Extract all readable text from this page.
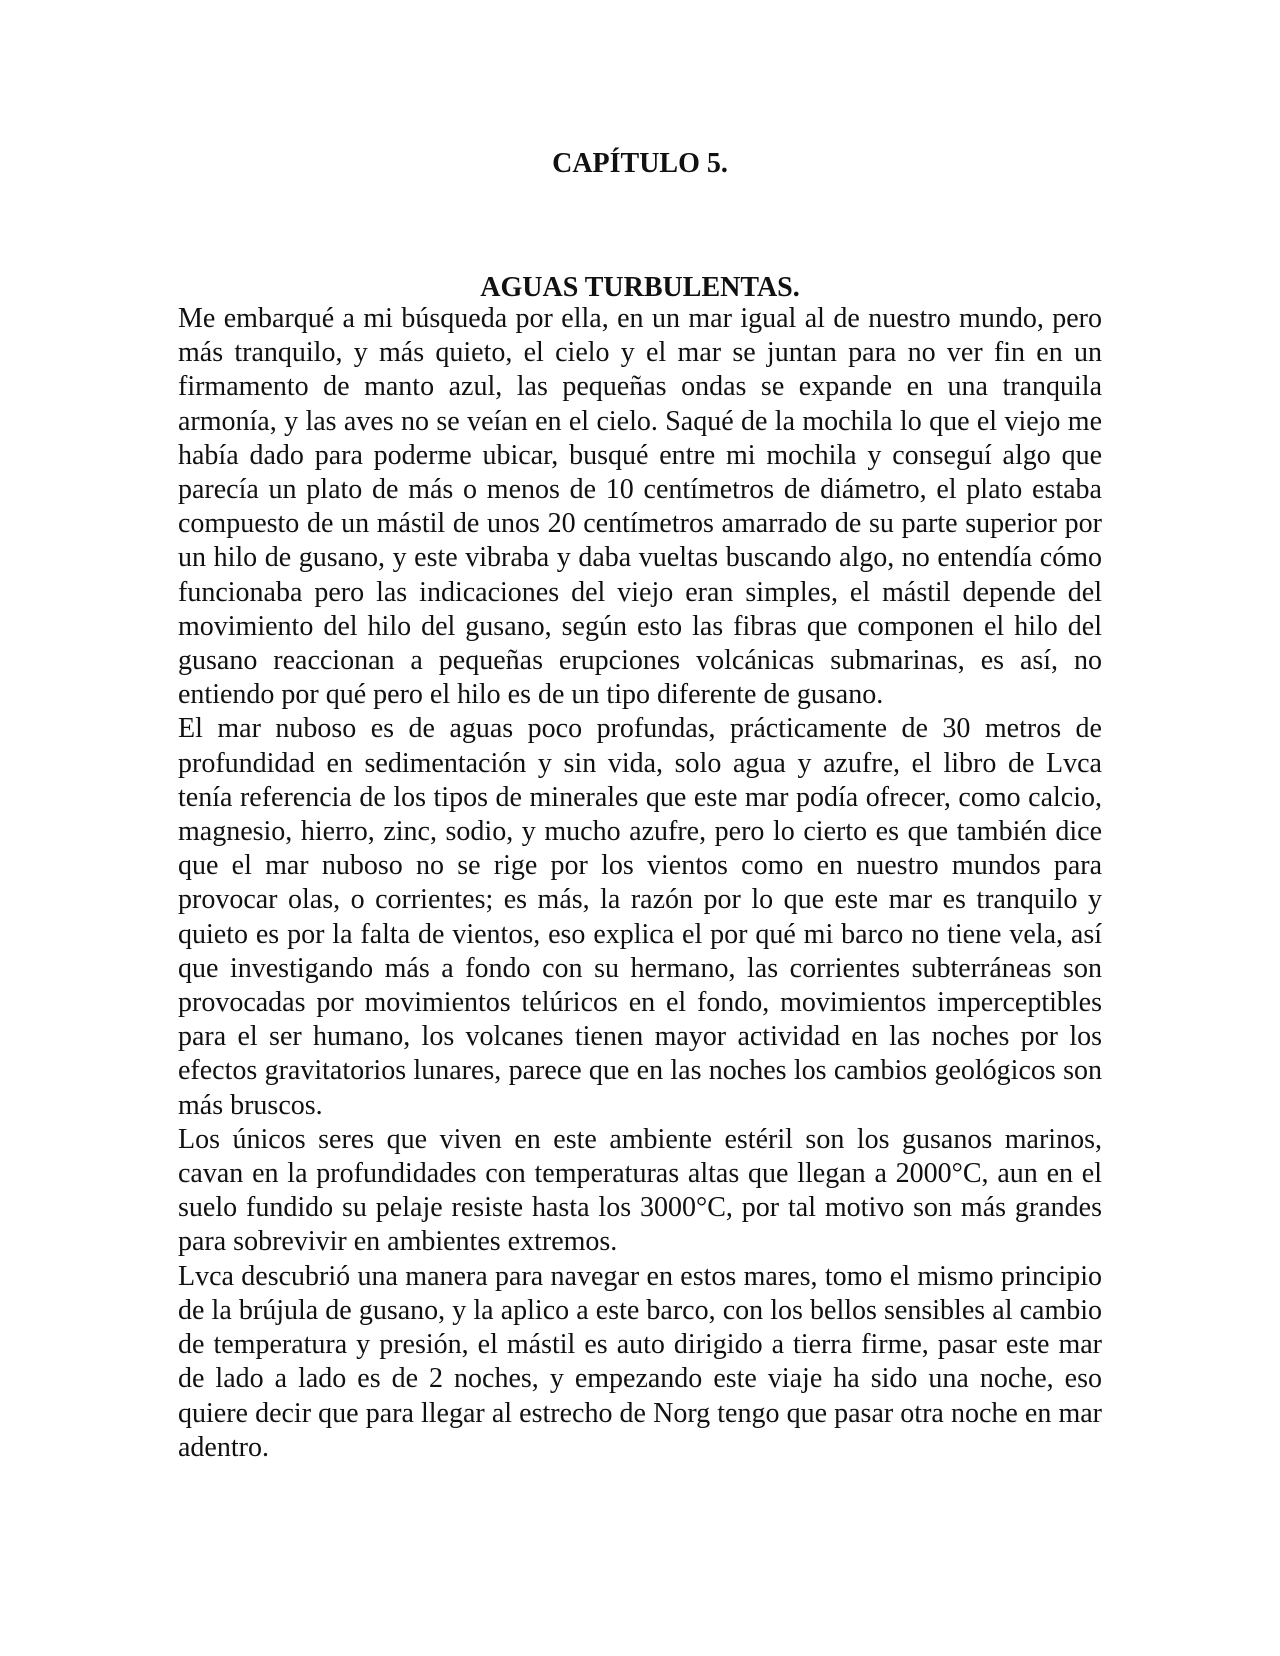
CAPÍTULO 5.
AGUAS TURBULENTAS.

Me embarqué a mi búsqueda por ella, en un mar igual al de nuestro mundo, pero más tranquilo, y más quieto, el cielo y el mar se juntan para no ver fin en un firmamento de manto azul, las pequeñas ondas se expande en una tranquila armonía, y las aves no se veían en el cielo. Saqué de la mochila lo que el viejo me había dado para poderme ubicar, busqué entre mi mochila y conseguí algo que parecía un plato de más o menos de 10 centímetros de diámetro, el plato estaba compuesto de un mástil de unos 20 centímetros amarrado de su parte superior por un hilo de gusano, y este vibraba y daba vueltas buscando algo, no entendía cómo funcionaba pero las indicaciones del viejo eran simples, el mástil depende del movimiento del hilo del gusano, según esto las fibras que componen el hilo del gusano reaccionan a pequeñas erupciones volcánicas submarinas, es así, no entiendo por qué pero el hilo es de un tipo diferente de gusano.

El mar nuboso es de aguas poco profundas, prácticamente de 30 metros de profundidad en sedimentación y sin vida, solo agua y azufre, el libro de Lvca tenía referencia de los tipos de minerales que este mar podía ofrecer, como calcio, magnesio, hierro, zinc, sodio, y mucho azufre, pero lo cierto es que también dice que el mar nuboso no se rige por los vientos como en nuestro mundos para provocar olas, o corrientes; es más, la razón por lo que este mar es tranquilo y quieto es por la falta de vientos, eso explica el por qué mi barco no tiene vela, así que investigando más a fondo con su hermano, las corrientes subterráneas son provocadas por movimientos telúricos en el fondo, movimientos imperceptibles para el ser humano, los volcanes tienen mayor actividad en las noches por los efectos gravitatorios lunares, parece que en las noches los cambios geológicos son más bruscos.

Los únicos seres que viven en este ambiente estéril son los gusanos marinos, cavan en la profundidades con temperaturas altas que llegan a 2000°C, aun en el suelo fundido su pelaje resiste hasta los 3000°C, por tal motivo son más grandes para sobrevivir en ambientes extremos.

Lvca descubrió una manera para navegar en estos mares, tomo el mismo principio de la brújula de gusano, y la aplico a este barco, con los bellos sensibles al cambio de temperatura y presión, el mástil es auto dirigido a tierra firme, pasar este mar de lado a lado es de 2 noches, y empezando este viaje ha sido una noche, eso quiere decir que para llegar al estrecho de Norg tengo que pasar otra noche en mar adentro.
